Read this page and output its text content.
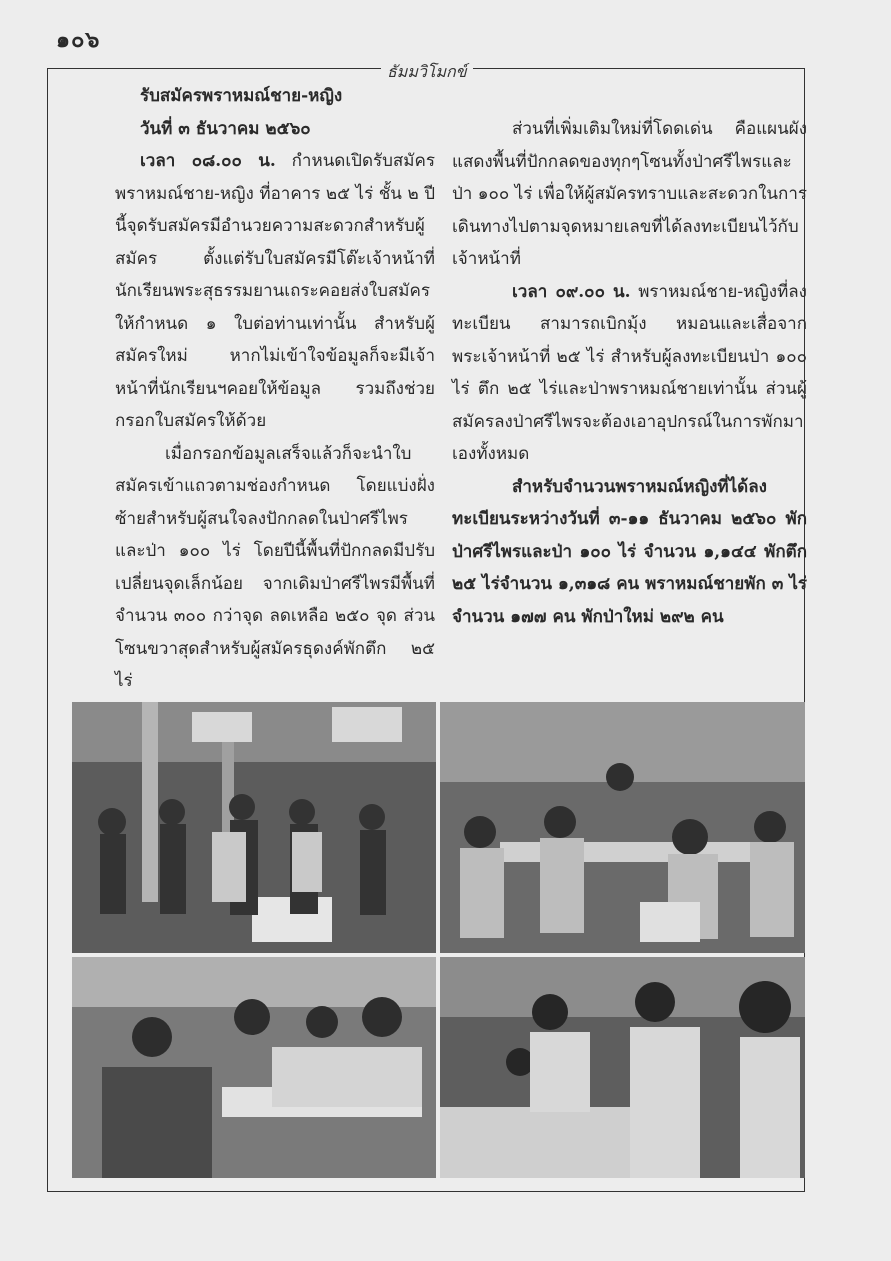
๑๐๖
ธัมมวิโมกข์

รับสมัครพราหมณ์ชาย-หญิง

วันที่ ๓ ธันวาคม ๒๕๖๐

เวลา ๐๘.๐๐ น. กำหนดเปิดรับสมัครพราหมณ์ชาย-หญิง ที่อาคาร ๒๕ ไร่ ชั้น ๒ ปีนี้จุดรับสมัครมีอำนวยความสะดวกสำหรับผู้สมัคร ตั้งแต่รับใบสมัครมีโต๊ะเจ้าหน้าที่นักเรียนพระสุธรรมยานเถระคอยส่งใบสมัครให้กำหนด ๑ ใบต่อท่านเท่านั้น สำหรับผู้สมัครใหม่ หากไม่เข้าใจข้อมูลก็จะมีเจ้าหน้าที่นักเรียนฯคอยให้ข้อมูล รวมถึงช่วยกรอกใบสมัครให้ด้วย

เมื่อกรอกข้อมูลเสร็จแล้วก็จะนำใบสมัครเข้าแถวตามช่องกำหนด โดยแบ่งฝั่งซ้ายสำหรับผู้สนใจลงปักกลดในป่าศรีไพรและป่า ๑๐๐ ไร่ โดยปีนี้พื้นที่ปักกลดมีปรับเปลี่ยนจุดเล็กน้อย จากเดิมป่าศรีไพรมีพื้นที่จำนวน ๓๐๐ กว่าจุด ลดเหลือ ๒๕๐ จุด ส่วนโซนขวาสุดสำหรับผู้สมัครธุดงค์พักตึก ๒๕ ไร่

ส่วนที่เพิ่มเติมใหม่ที่โดดเด่น คือแผนผังแสดงพื้นที่ปักกลดของทุกๆโซนทั้งป่าศรีไพรและป่า ๑๐๐ ไร่ เพื่อให้ผู้สมัครทราบและสะดวกในการเดินทางไปตามจุดหมายเลขที่ได้ลงทะเบียนไว้กับเจ้าหน้าที่

เวลา ๐๙.๐๐ น. พราหมณ์ชาย-หญิงที่ลงทะเบียน สามารถเบิกมุ้ง หมอนและเสื่อจากพระเจ้าหน้าที่ ๒๕ ไร่ สำหรับผู้ลงทะเบียนป่า ๑๐๐ ไร่ ตึก ๒๕ ไร่และป่าพราหมณ์ชายเท่านั้น ส่วนผู้สมัครลงป่าศรีไพรจะต้องเอาอุปกรณ์ในการพักมาเองทั้งหมด

สำหรับจำนวนพราหมณ์หญิงที่ได้ลงทะเบียนระหว่างวันที่ ๓-๑๑ ธันวาคม ๒๕๖๐ พักป่าศรีไพรและป่า ๑๐๐ ไร่ จำนวน ๑,๑๔๔ พักตึก ๒๕ ไร่จำนวน ๑,๓๑๘ คน พราหมณ์ชายพัก ๓ ไร่ จำนวน ๑๗๗ คน พักป่าใหม่ ๒๙๒ คน
